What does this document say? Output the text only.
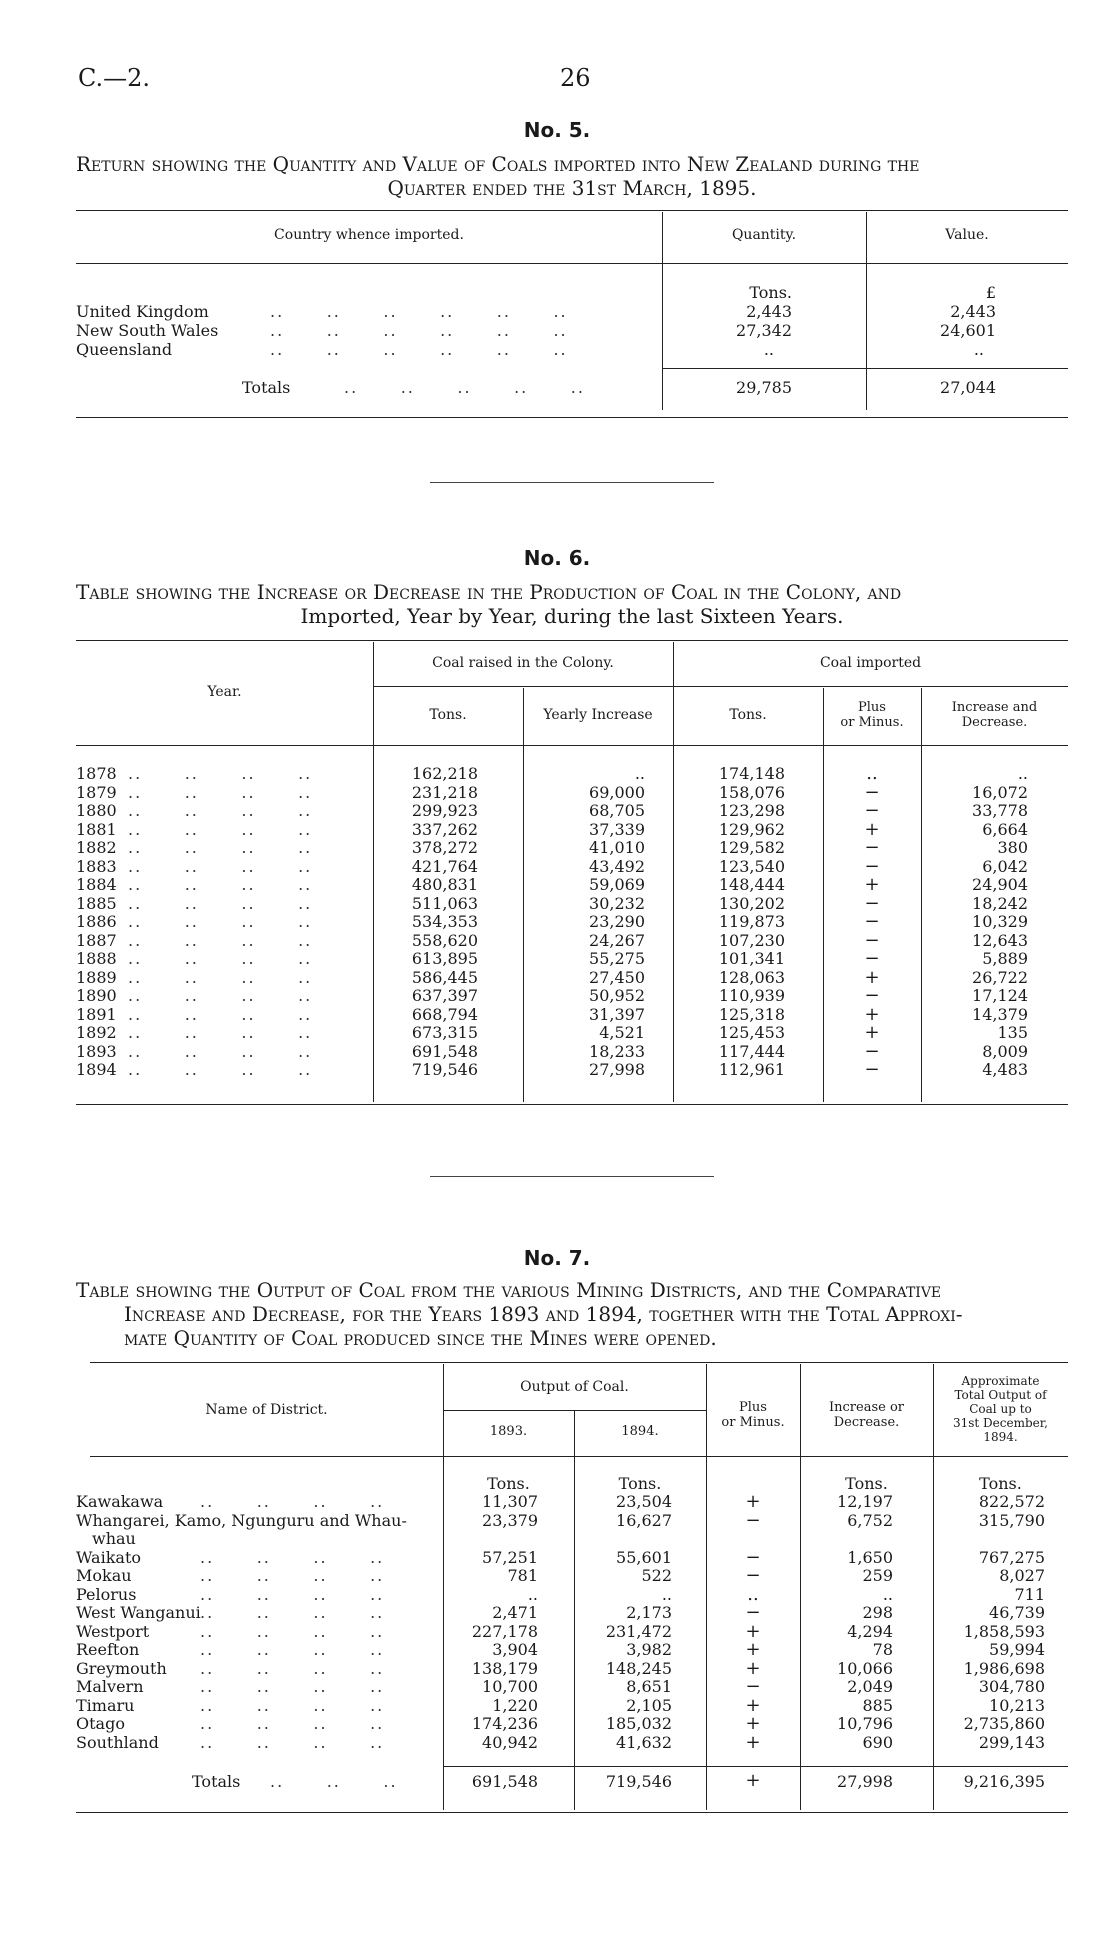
C.—2.	26
No. 5.
Return showing the Quantity and Value of Coals imported into New Zealand during the
Quarter ended the 31st March, 1895.
Country whence imported.	Quantity.	Value.
Tons.	£
United Kingdom	..      ..      ..      ..      ..      ..	2,443	2,443
New South Wales	..      ..      ..      ..      ..      ..	27,342	24,601
Queensland	..      ..      ..      ..      ..      ..	..	..
Totals	..      ..      ..      ..      ..	29,785	27,044
No. 6.
Table showing the Increase or Decrease in the Production of Coal in the Colony, and
Imported, Year by Year, during the last Sixteen Years.
Year.
Coal raised in the Colony.	Coal imported
Tons.	Yearly Increase	Tons.	Plus
or Minus.
Increase and
Decrease.
1878 ..      ..      ..      ..	162,218	..	174,148	..	..
1879 ..      ..      ..      ..	231,218	69,000	158,076	−	16,072
1880 ..      ..      ..      ..	299,923	68,705	123,298	−	33,778
1881 ..      ..      ..      ..	337,262	37,339	129,962	+	6,664
1882 ..      ..      ..      ..	378,272	41,010	129,582	−	380
1883 ..      ..      ..      ..	421,764	43,492	123,540	−	6,042
1884 ..      ..      ..      ..	480,831	59,069	148,444	+	24,904
1885 ..      ..      ..      ..	511,063	30,232	130,202	−	18,242
1886 ..      ..      ..      ..	534,353	23,290	119,873	−	10,329
1887 ..      ..      ..      ..	558,620	24,267	107,230	−	12,643
1888 ..      ..      ..      ..	613,895	55,275	101,341	−	5,889
1889 ..      ..      ..      ..	586,445	27,450	128,063	+	26,722
1890 ..      ..      ..      ..	637,397	50,952	110,939	−	17,124
1891 ..      ..      ..      ..	668,794	31,397	125,318	+	14,379
1892 ..      ..      ..      ..	673,315	4,521	125,453	+	135
1893 ..      ..      ..      ..	691,548	18,233	117,444	−	8,009
1894 ..      ..      ..      ..	719,546	27,998	112,961	−	4,483
No. 7.
Table showing the Output of Coal from the various Mining Districts, and the Comparative
Increase and Decrease, for the Years 1893 and 1894, together with the Total Approxi-
mate Quantity of Coal produced since the Mines were opened.
Name of District.
Output of Coal.
1893.	1894.
Plus
or Minus.
Increase or
Decrease.
Approximate
Total Output of
Coal up to
31st December,
1894.
Tons.	Tons.	Tons.	Tons.
Kawakawa ..      ..      ..      ..	11,307	23,504	+	12,197	822,572
Whangarei, Kamo, Ngunguru and Whau-	23,379	16,627	−	6,752	315,790
whau
Waikato	..      ..      ..      ..	57,251	55,601	−	1,650	767,275
Mokau	..      ..      ..      ..	781	522	−	259	8,027
Pelorus	..      ..      ..      ..	..	..	..	..	711
West Wanganui ..      ..      ..      ..	2,471	2,173	−	298	46,739
Westport	..      ..      ..      ..	227,178	231,472	+	4,294	1,858,593
Reefton	..      ..      ..      ..	3,904	3,982	+	78	59,994
Greymouth ..      ..      ..      ..	138,179	148,245	+	10,066	1,986,698
Malvern	..      ..      ..      ..	10,700	8,651	−	2,049	304,780
Timaru	..      ..      ..      ..	1,220	2,105	+	885	10,213
Otago	..      ..      ..      ..	174,236	185,032	+	10,796	2,735,860
Southland	..      ..      ..      ..	40,942	41,632	+	690	299,143
Totals ..      ..      ..	691,548	719,546	+	27,998	9,216,395
